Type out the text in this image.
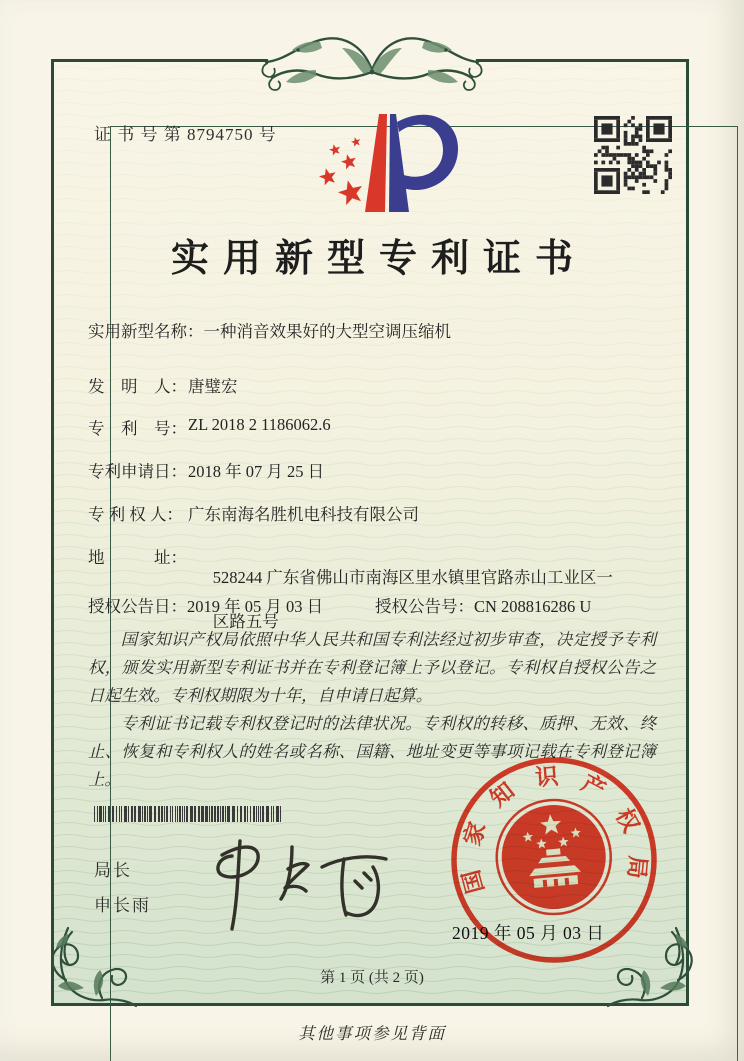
证 书 号 第 8794750 号
实用新型专利证书
实用新型名称： 一种消音效果好的大型空调压缩机
发　明　人： 唐璧宏
专　利　号： ZL 2018 2 1186062.6
专利申请日： 2018 年 07 月 25 日
专 利 权 人： 广东南海名胜机电科技有限公司
地　　　址：

528244 广东省佛山市南海区里水镇里官路赤山工业区一

区路五号

授权公告日：2019 年 05 月 03 日	授权公告号：CN 208816286 U

国家知识产权局依照中华人民共和国专利法经过初步审查，决定授予专利权，颁发实用新型专利证书并在专利登记簿上予以登记。专利权自授权公告之日起生效。专利权期限为十年，自申请日起算。

专利证书记载专利权登记时的法律状况。专利权的转移、质押、无效、终止、恢复和专利权人的姓名或名称、国籍、地址变更等事项记载在专利登记簿上。

局长
申长雨
国
家
知
识 产
权
局
2019 年 05 月 03 日
第 1 页 (共 2 页)
其他事项参见背面
